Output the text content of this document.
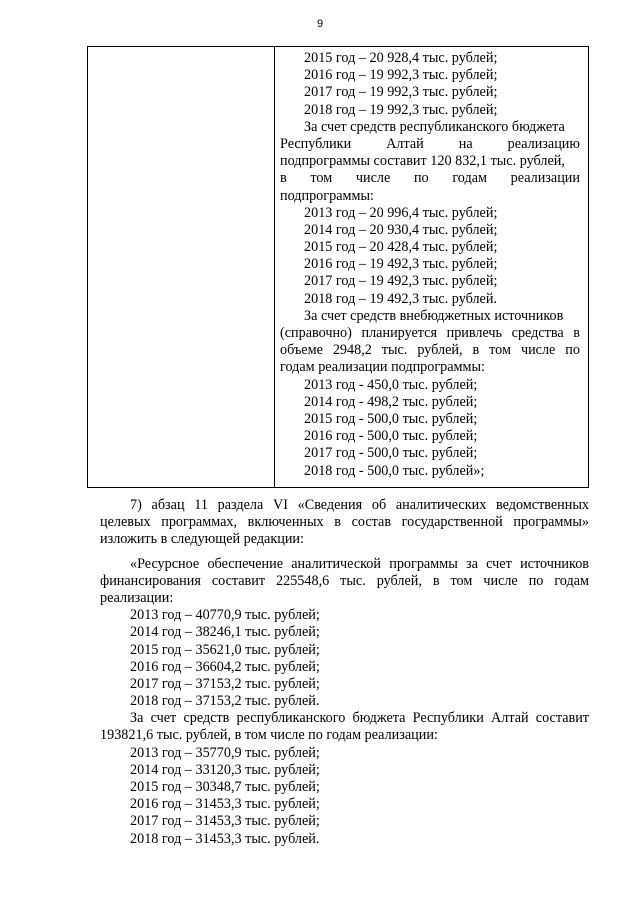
9
2015 год – 20 928,4 тыс. рублей;
2016 год – 19 992,3 тыс. рублей;
2017 год – 19 992,3 тыс. рублей;
2018 год – 19 992,3 тыс. рублей;
За счет средств республиканского бюджета
Республики Алтай на реализацию
подпрограммы составит 120 832,1 тыс. рублей,
в том числе по годам реализации
подпрограммы:
2013 год – 20 996,4 тыс. рублей;
2014 год – 20 930,4 тыс. рублей;
2015 год – 20 428,4 тыс. рублей;
2016 год – 19 492,3 тыс. рублей;
2017 год – 19 492,3 тыс. рублей;
2018 год – 19 492,3 тыс. рублей.
За счет средств внебюджетных источников
(справочно) планируется привлечь средства в
объеме 2948,2 тыс. рублей, в том числе по
годам реализации подпрограммы:
2013 год - 450,0 тыс. рублей;
2014 год - 498,2 тыс. рублей;
2015 год - 500,0 тыс. рублей;
2016 год - 500,0 тыс. рублей;
2017 год - 500,0 тыс. рублей;
2018 год - 500,0 тыс. рублей»;
7) абзац 11 раздела VI «Сведения об аналитических ведомственных
целевых программах, включенных в состав государственной программы»
изложить в следующей редакции:
«Ресурсное обеспечение аналитической программы за счет источников
финансирования составит 225548,6 тыс. рублей, в том числе по годам
реализации:
2013 год – 40770,9 тыс. рублей;
2014 год – 38246,1 тыс. рублей;
2015 год – 35621,0 тыс. рублей;
2016 год – 36604,2 тыс. рублей;
2017 год – 37153,2 тыс. рублей;
2018 год – 37153,2 тыс. рублей.
За счет средств республиканского бюджета Республики Алтай составит
193821,6 тыс. рублей, в том числе по годам реализации:
2013 год – 35770,9 тыс. рублей;
2014 год – 33120,3 тыс. рублей;
2015 год – 30348,7 тыс. рублей;
2016 год – 31453,3 тыс. рублей;
2017 год – 31453,3 тыс. рублей;
2018 год – 31453,3 тыс. рублей.
